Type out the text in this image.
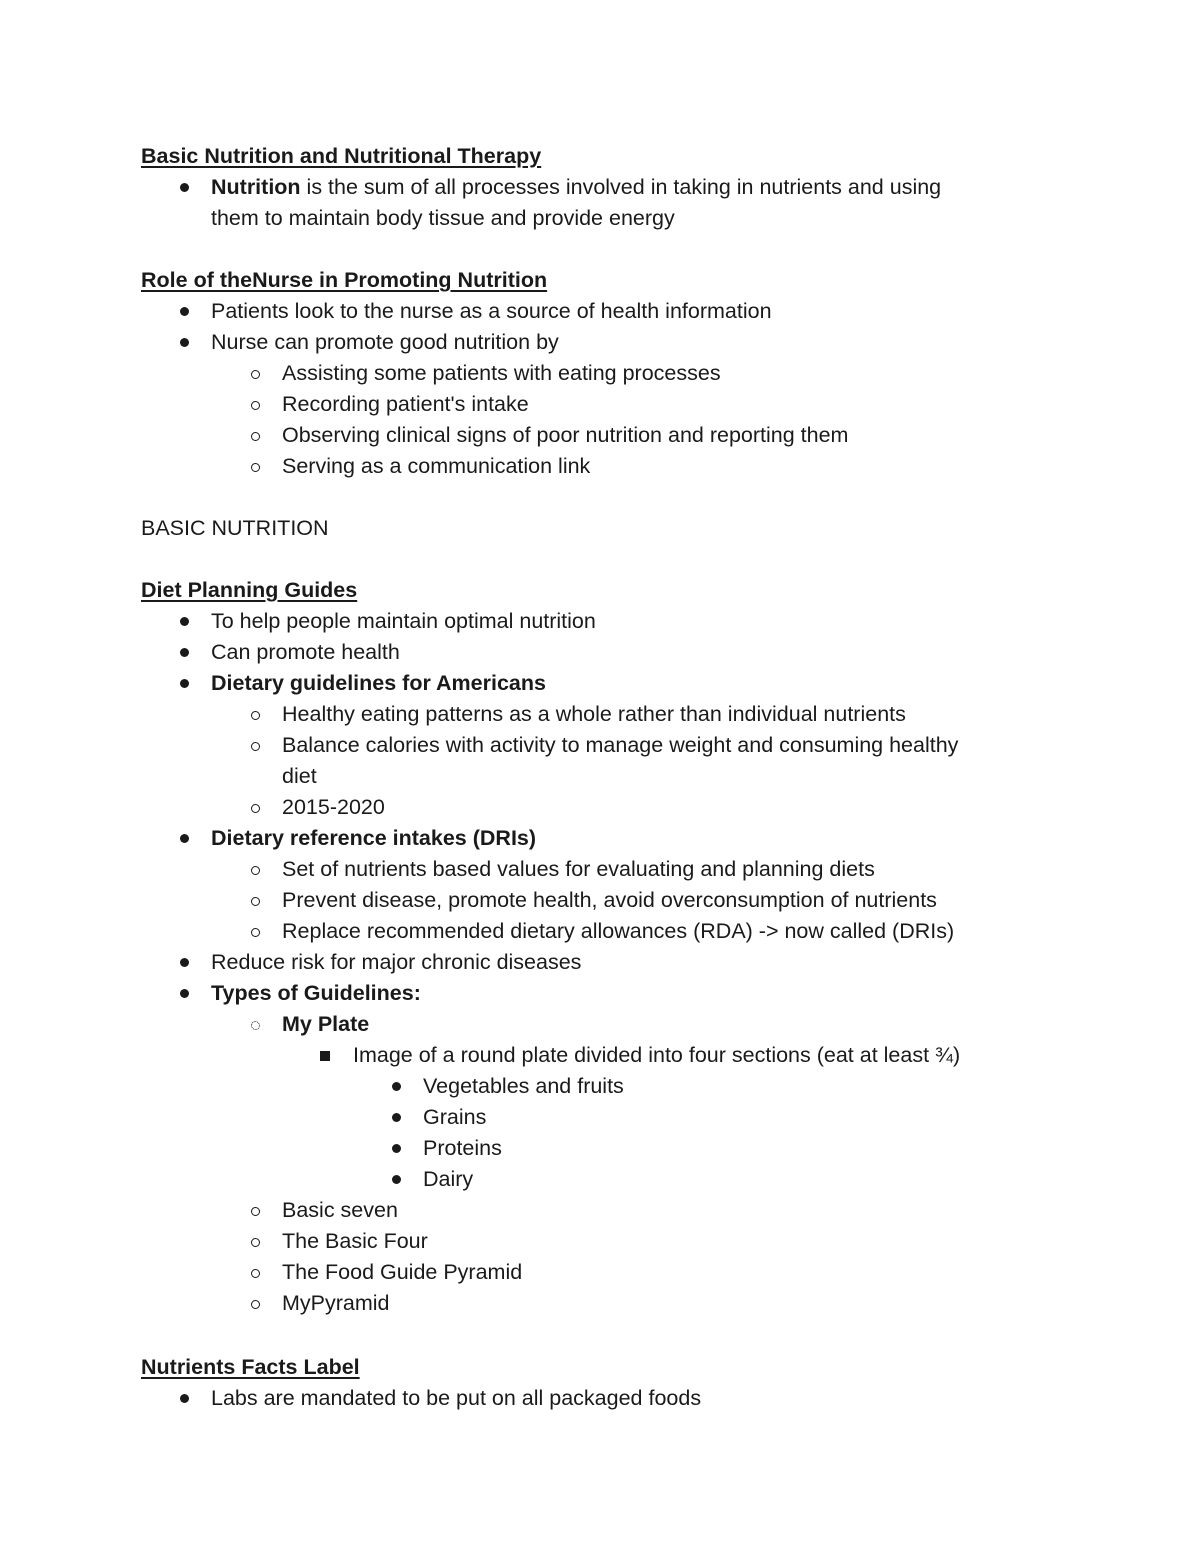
Basic Nutrition and Nutritional Therapy
Nutrition is the sum of all processes involved in taking in nutrients and using
them to maintain body tissue and provide energy
Role of theNurse in Promoting Nutrition
Patients look to the nurse as a source of health information
Nurse can promote good nutrition by
Assisting some patients with eating processes
Recording patient's intake
Observing clinical signs of poor nutrition and reporting them
Serving as a communication link
BASIC NUTRITION
Diet Planning Guides
To help people maintain optimal nutrition
Can promote health
Dietary guidelines for Americans
Healthy eating patterns as a whole rather than individual nutrients
Balance calories with activity to manage weight and consuming healthy
diet
2015-2020
Dietary reference intakes (DRIs)
Set of nutrients based values for evaluating and planning diets
Prevent disease, promote health, avoid overconsumption of nutrients
Replace recommended dietary allowances (RDA) -> now called (DRIs)
Reduce risk for major chronic diseases
Types of Guidelines:
My Plate
Image of a round plate divided into four sections (eat at least ¾)
Vegetables and fruits
Grains
Proteins
Dairy
Basic seven
The Basic Four
The Food Guide Pyramid
MyPyramid
Nutrients Facts Label
Labs are mandated to be put on all packaged foods
